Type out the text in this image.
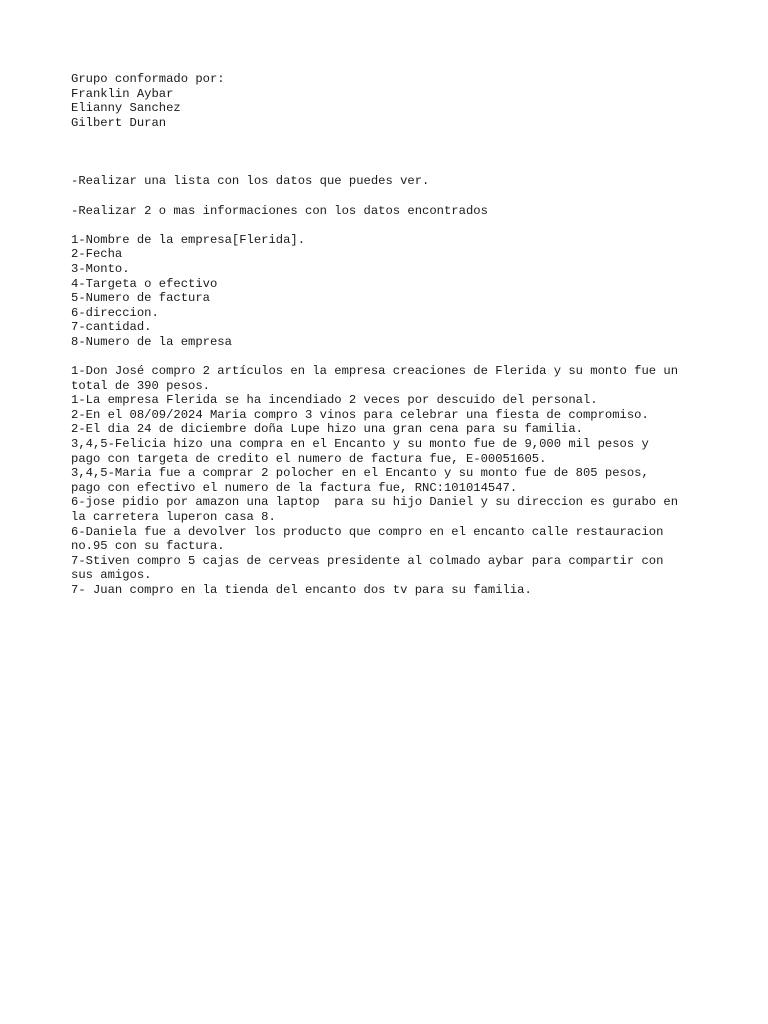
Grupo conformado por:
Franklin Aybar
Elianny Sanchez
Gilbert Duran
-Realizar una lista con los datos que puedes ver.
-Realizar 2 o mas informaciones con los datos encontrados
1-Nombre de la empresa[Flerida].
2-Fecha
3-Monto.
4-Targeta o efectivo
5-Numero de factura
6-direccion.
7-cantidad.
8-Numero de la empresa
1-Don José compro 2 artículos en la empresa creaciones de Flerida y su monto fue un
total de 390 pesos.
1-La empresa Flerida se ha incendiado 2 veces por descuido del personal.
2-En el 08/09/2024 Maria compro 3 vinos para celebrar una fiesta de compromiso.
2-El dia 24 de diciembre doña Lupe hizo una gran cena para su familia.
3,4,5-Felicia hizo una compra en el Encanto y su monto fue de 9,000 mil pesos y
pago con targeta de credito el numero de factura fue, E-00051605.
3,4,5-Maria fue a comprar 2 polocher en el Encanto y su monto fue de 805 pesos,
pago con efectivo el numero de la factura fue, RNC:101014547.
6-jose pidio por amazon una laptop  para su hijo Daniel y su direccion es gurabo en
la carretera luperon casa 8.
6-Daniela fue a devolver los producto que compro en el encanto calle restauracion
no.95 con su factura.
7-Stiven compro 5 cajas de cerveas presidente al colmado aybar para compartir con
sus amigos.
7- Juan compro en la tienda del encanto dos tv para su familia.
